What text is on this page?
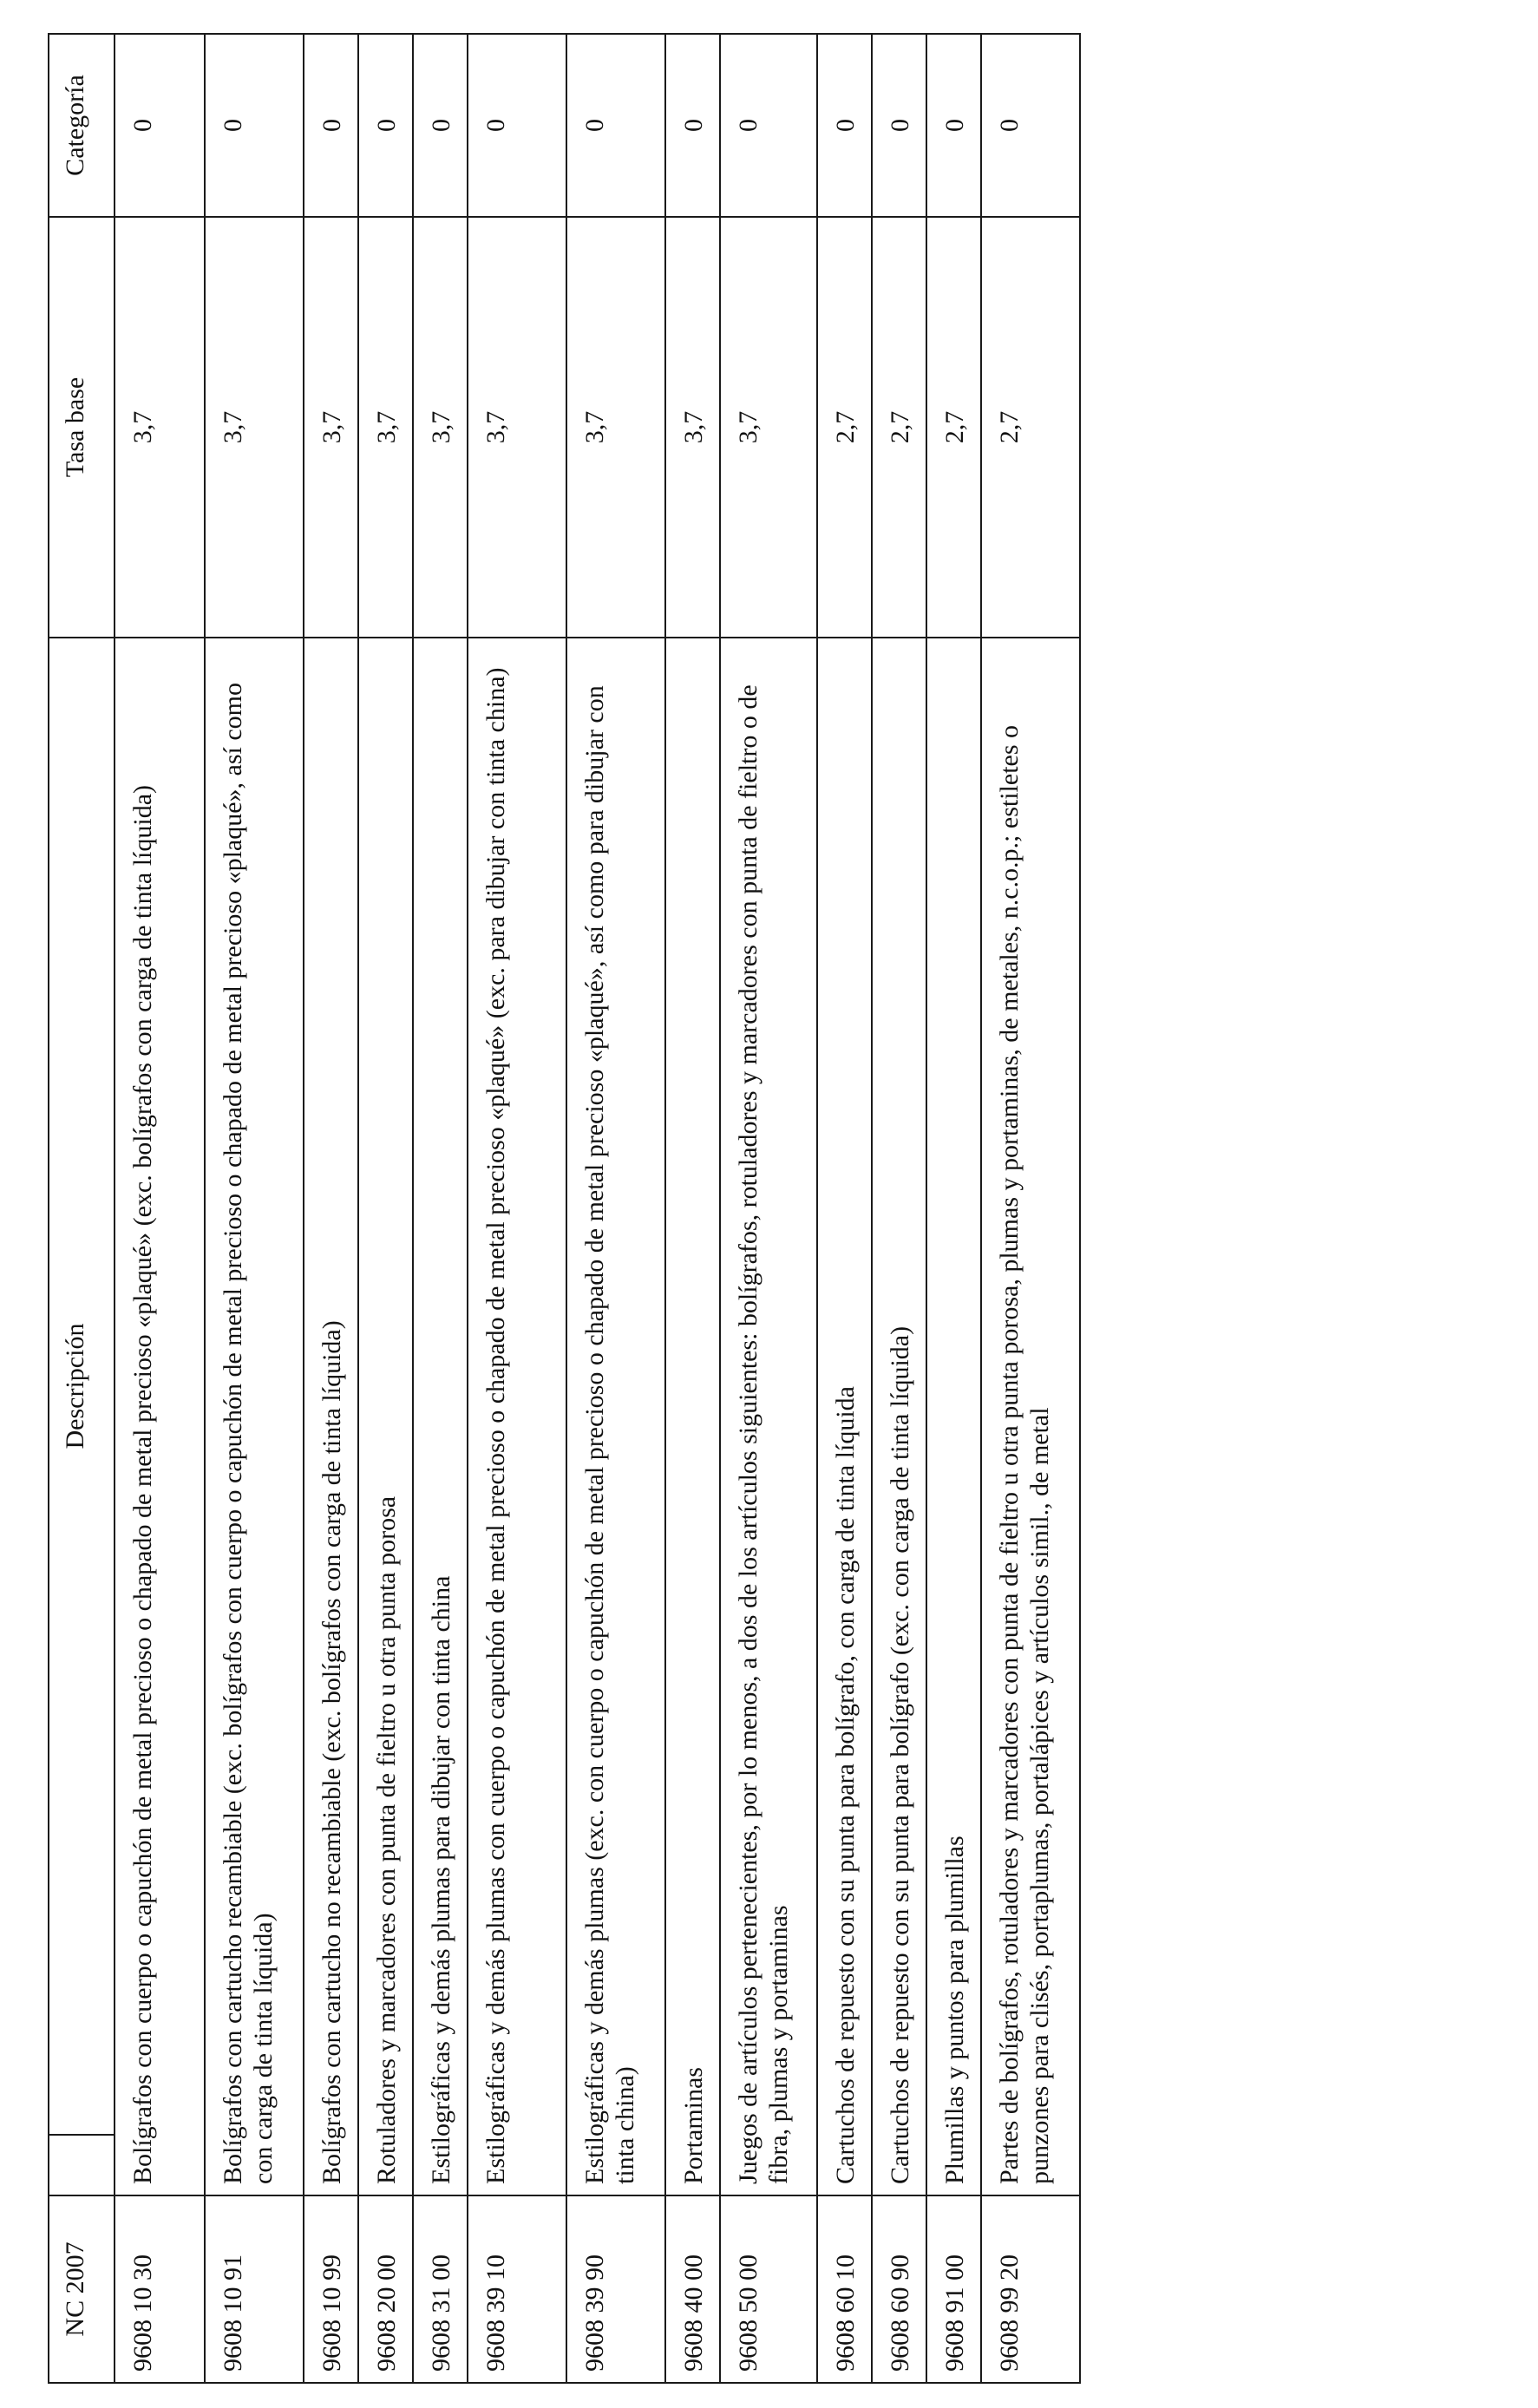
NC 2007		Descripción	Tasa base	Categoría
9608 10 30	Bolígrafos con cuerpo o capuchón de metal precioso o chapado de metal precioso «plaqué» (exc. bolígrafos con carga de tinta líquida)		3,7	0
9608 10 91	Bolígrafos con cartucho recambiable (exc. bolígrafos con cuerpo o capuchón de metal precioso o chapado de metal precioso «plaqué», así como con carga de tinta líquida)		3,7	0
9608 10 99	Bolígrafos con cartucho no recambiable (exc. bolígrafos con carga de tinta líquida)		3,7	0
9608 20 00	Rotuladores y marcadores con punta de fieltro u otra punta porosa		3,7	0
9608 31 00	Estilográficas y demás plumas para dibujar con tinta china		3,7	0
9608 39 10	Estilográficas y demás plumas con cuerpo o capuchón de metal precioso o chapado de metal precioso «plaqué» (exc. para dibujar con tinta china)		3,7	0
9608 39 90	Estilográficas y demás plumas (exc. con cuerpo o capuchón de metal precioso o chapado de metal precioso «plaqué», así como para dibujar con tinta china)		3,7	0
9608 40 00	Portaminas		3,7	0
9608 50 00	Juegos de artículos pertenecientes, por lo menos, a dos de los artículos siguientes: bolígrafos, rotuladores y marcadores con punta de fieltro o de fibra, plumas y portaminas		3,7	0
9608 60 10	Cartuchos de repuesto con su punta para bolígrafo, con carga de tinta líquida		2,7	0
9608 60 90	Cartuchos de repuesto con su punta para bolígrafo (exc. con carga de tinta líquida)		2,7	0
9608 91 00	Plumillas y puntos para plumillas		2,7	0
9608 99 20	Partes de bolígrafos, rotuladores y marcadores con punta de fieltro u otra punta porosa, plumas y portaminas, de metales, n.c.o.p.; estiletes o punzones para clisés, portaplumas, portalápices y artículos simil., de metal		2,7	0
